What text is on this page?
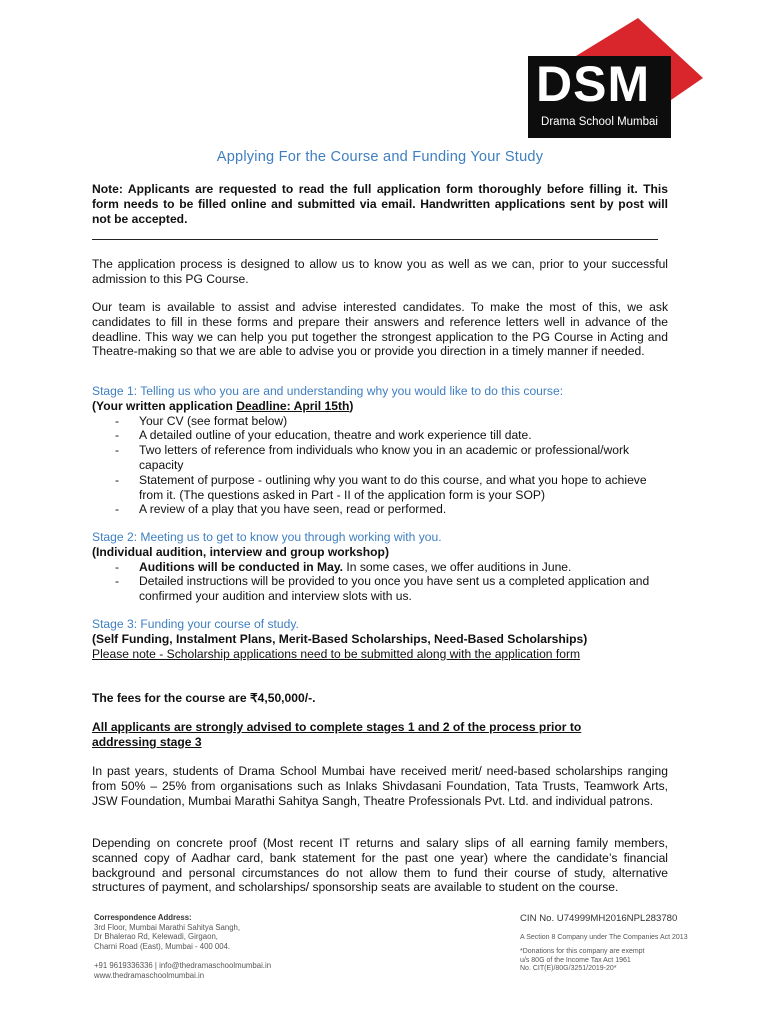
DSM
Drama School Mumbai
Applying For the Course and Funding Your Study
Note: Applicants are requested to read the full application form thoroughly before filling it. This form needs to be filled online and submitted via email. Handwritten applications sent by post will not be accepted.
The application process is designed to allow us to know you as well as we can, prior to your successful admission to this PG Course.
Our team is available to assist and advise interested candidates. To make the most of this, we ask candidates to fill in these forms and prepare their answers and reference letters well in advance of the deadline. This way we can help you put together the strongest application to the PG Course in Acting and Theatre-making so that we are able to advise you or provide you direction in a timely manner if needed.
Stage 1: Telling us who you are and understanding why you would like to do this course:
(Your written application Deadline: April 15th)
- Your CV (see format below)
- A detailed outline of your education, theatre and work experience till date.
- Two letters of reference from individuals who know you in an academic or professional/work capacity
- Statement of purpose - outlining why you want to do this course, and what you hope to achieve from it. (The questions asked in Part - II of the application form is your SOP)
- A review of a play that you have seen, read or performed.
Stage 2: Meeting us to get to know you through working with you.
(Individual audition, interview and group workshop)
- Auditions will be conducted in May. In some cases, we offer auditions in June.
- Detailed instructions will be provided to you once you have sent us a completed application and confirmed your audition and interview slots with us.
Stage 3: Funding your course of study.
(Self Funding, Instalment Plans, Merit-Based Scholarships, Need-Based Scholarships)
Please note - Scholarship applications need to be submitted along with the application form
The fees for the course are ₹4,50,000/-.
All applicants are strongly advised to complete stages 1 and 2 of the process prior to addressing stage 3
In past years, students of Drama School Mumbai have received merit/ need-based scholarships ranging from 50% – 25% from organisations such as Inlaks Shivdasani Foundation, Tata Trusts, Teamwork Arts, JSW Foundation, Mumbai Marathi Sahitya Sangh, Theatre Professionals Pvt. Ltd. and individual patrons.
Depending on concrete proof (Most recent IT returns and salary slips of all earning family members, scanned copy of Aadhar card, bank statement for the past one year) where the candidate’s financial background and personal circumstances do not allow them to fund their course of study, alternative structures of payment, and scholarships/ sponsorship seats are available to student on the course.
Correspondence Address:
3rd Floor, Mumbai Marathi Sahitya Sangh,
Dr Bhalerao Rd, Kelewadi, Girgaon,
Charni Road (East), Mumbai - 400 004.
+91 9619336336 | info@thedramaschoolmumbai.in
www.thedramaschoolmumbai.in
CIN No. U74999MH2016NPL283780
A Section 8 Company under The Companies Act 2013
*Donations for this company are exempt
u/s 80G of the Income Tax Act 1961
No. CIT(E)/80G/3251/2019-20*
